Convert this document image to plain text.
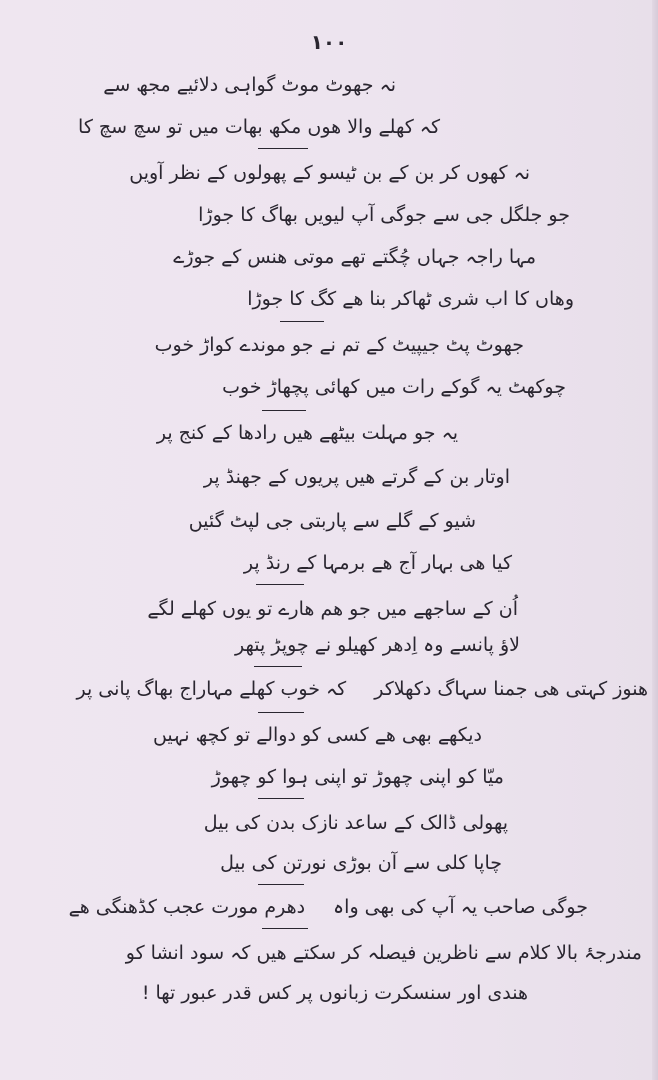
۱۰۰
نہ جھوٹ موٹ گواہی دلائیے مجھ سے
کہ کھلے والا ھوں مکھ بھات میں تو سچ سچ کا
نہ کھوں کر بن کے بن ٹیسو کے پھولوں کے نظر آویں
جو جلگل جی سے جوگی آپ لیویں بھاگ کا جوڑا
مہا راجہ جہاں چُگتے تھے موتی ھنس کے جوڑے
وھاں کا اب شری ٹھاکر بنا ھے کگ کا جوڑا
جھوٹ پٹ جیپیٹ کے تم نے جو موندے کواڑ خوب
چوکھٹ یہ گوکے رات میں کھائی پچھاڑ خوب
یہ جو مہلت بیٹھے ھیں رادھا کے کنج پر
اوتار بن کے گرتے ھیں پریوں کے جھنڈ پر
شیو کے گلے سے پاربتی جی لپٹ گئیں
کیا ھی بہار آج ھے برمہا کے رنڈ پر
اُن کے ساجھے میں جو ھم ھارے تو یوں کھلے لگے
لاؤ پانسے وہ اِدھر کھیلو نے چوپڑ پتھر
ھنوز کہتی ھی جمنا سہاگ دکھلاکرکہ خوب کھلے مہاراج بھاگ پانی پر
دیکھے بھی ھے کسی کو دوالے تو کچھ نہیں
میّا کو اپنی چھوڑ تو اپنی ہوا کو چھوڑ
پھولی ڈالک کے ساعد نازک بدن کی بیل
چاپا کلی سے آن بوڑی نورتن کی بیل
جوگی صاحب یہ آپ کی بھی واہدھرم مورت عجب کڈھنگی ھے
مندرجۂ بالا کلام سے ناظرین فیصلہ کر سکتے ھیں کہ سود انشا کو
ھندی اور سنسکرت زبانوں پر کس قدر عبور تھا !
